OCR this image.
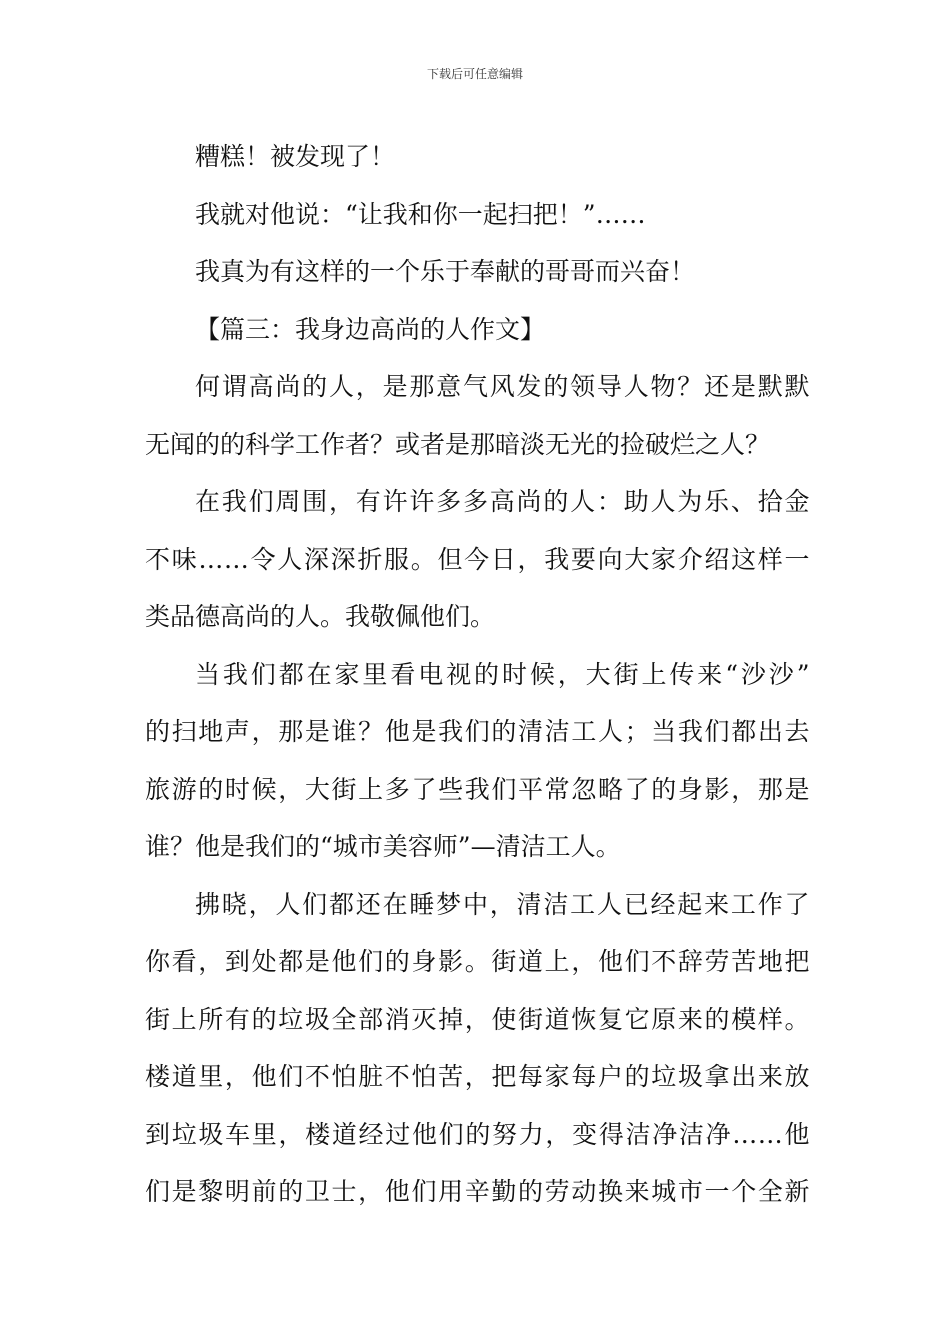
下载后可任意编辑
糟糕！被发现了！
我就对他说：“让我和你一起扫把！”……
我真为有这样的一个乐于奉献的哥哥而兴奋！
【篇三：我身边高尚的人作文】
何谓高尚的人，是那意气风发的领导人物？还是默默
无闻的的科学工作者？或者是那暗淡无光的捡破烂之人？
在我们周围，有许许多多高尚的人：助人为乐、拾金
不味……令人深深折服。但今日，我要向大家介绍这样一
类品德高尚的人。我敬佩他们。
当我们都在家里看电视的时候，大街上传来“沙沙”
的扫地声，那是谁？他是我们的清洁工人；当我们都出去
旅游的时候，大街上多了些我们平常忽略了的身影，那是
谁？他是我们的“城市美容师”—清洁工人。
拂晓，人们都还在睡梦中，清洁工人已经起来工作了
你看，到处都是他们的身影。街道上，他们不辞劳苦地把
街上所有的垃圾全部消灭掉，使街道恢复它原来的模样。
楼道里，他们不怕脏不怕苦，把每家每户的垃圾拿出来放
到垃圾车里，楼道经过他们的努力，变得洁净洁净……他
们是黎明前的卫士，他们用辛勤的劳动换来城市一个全新
